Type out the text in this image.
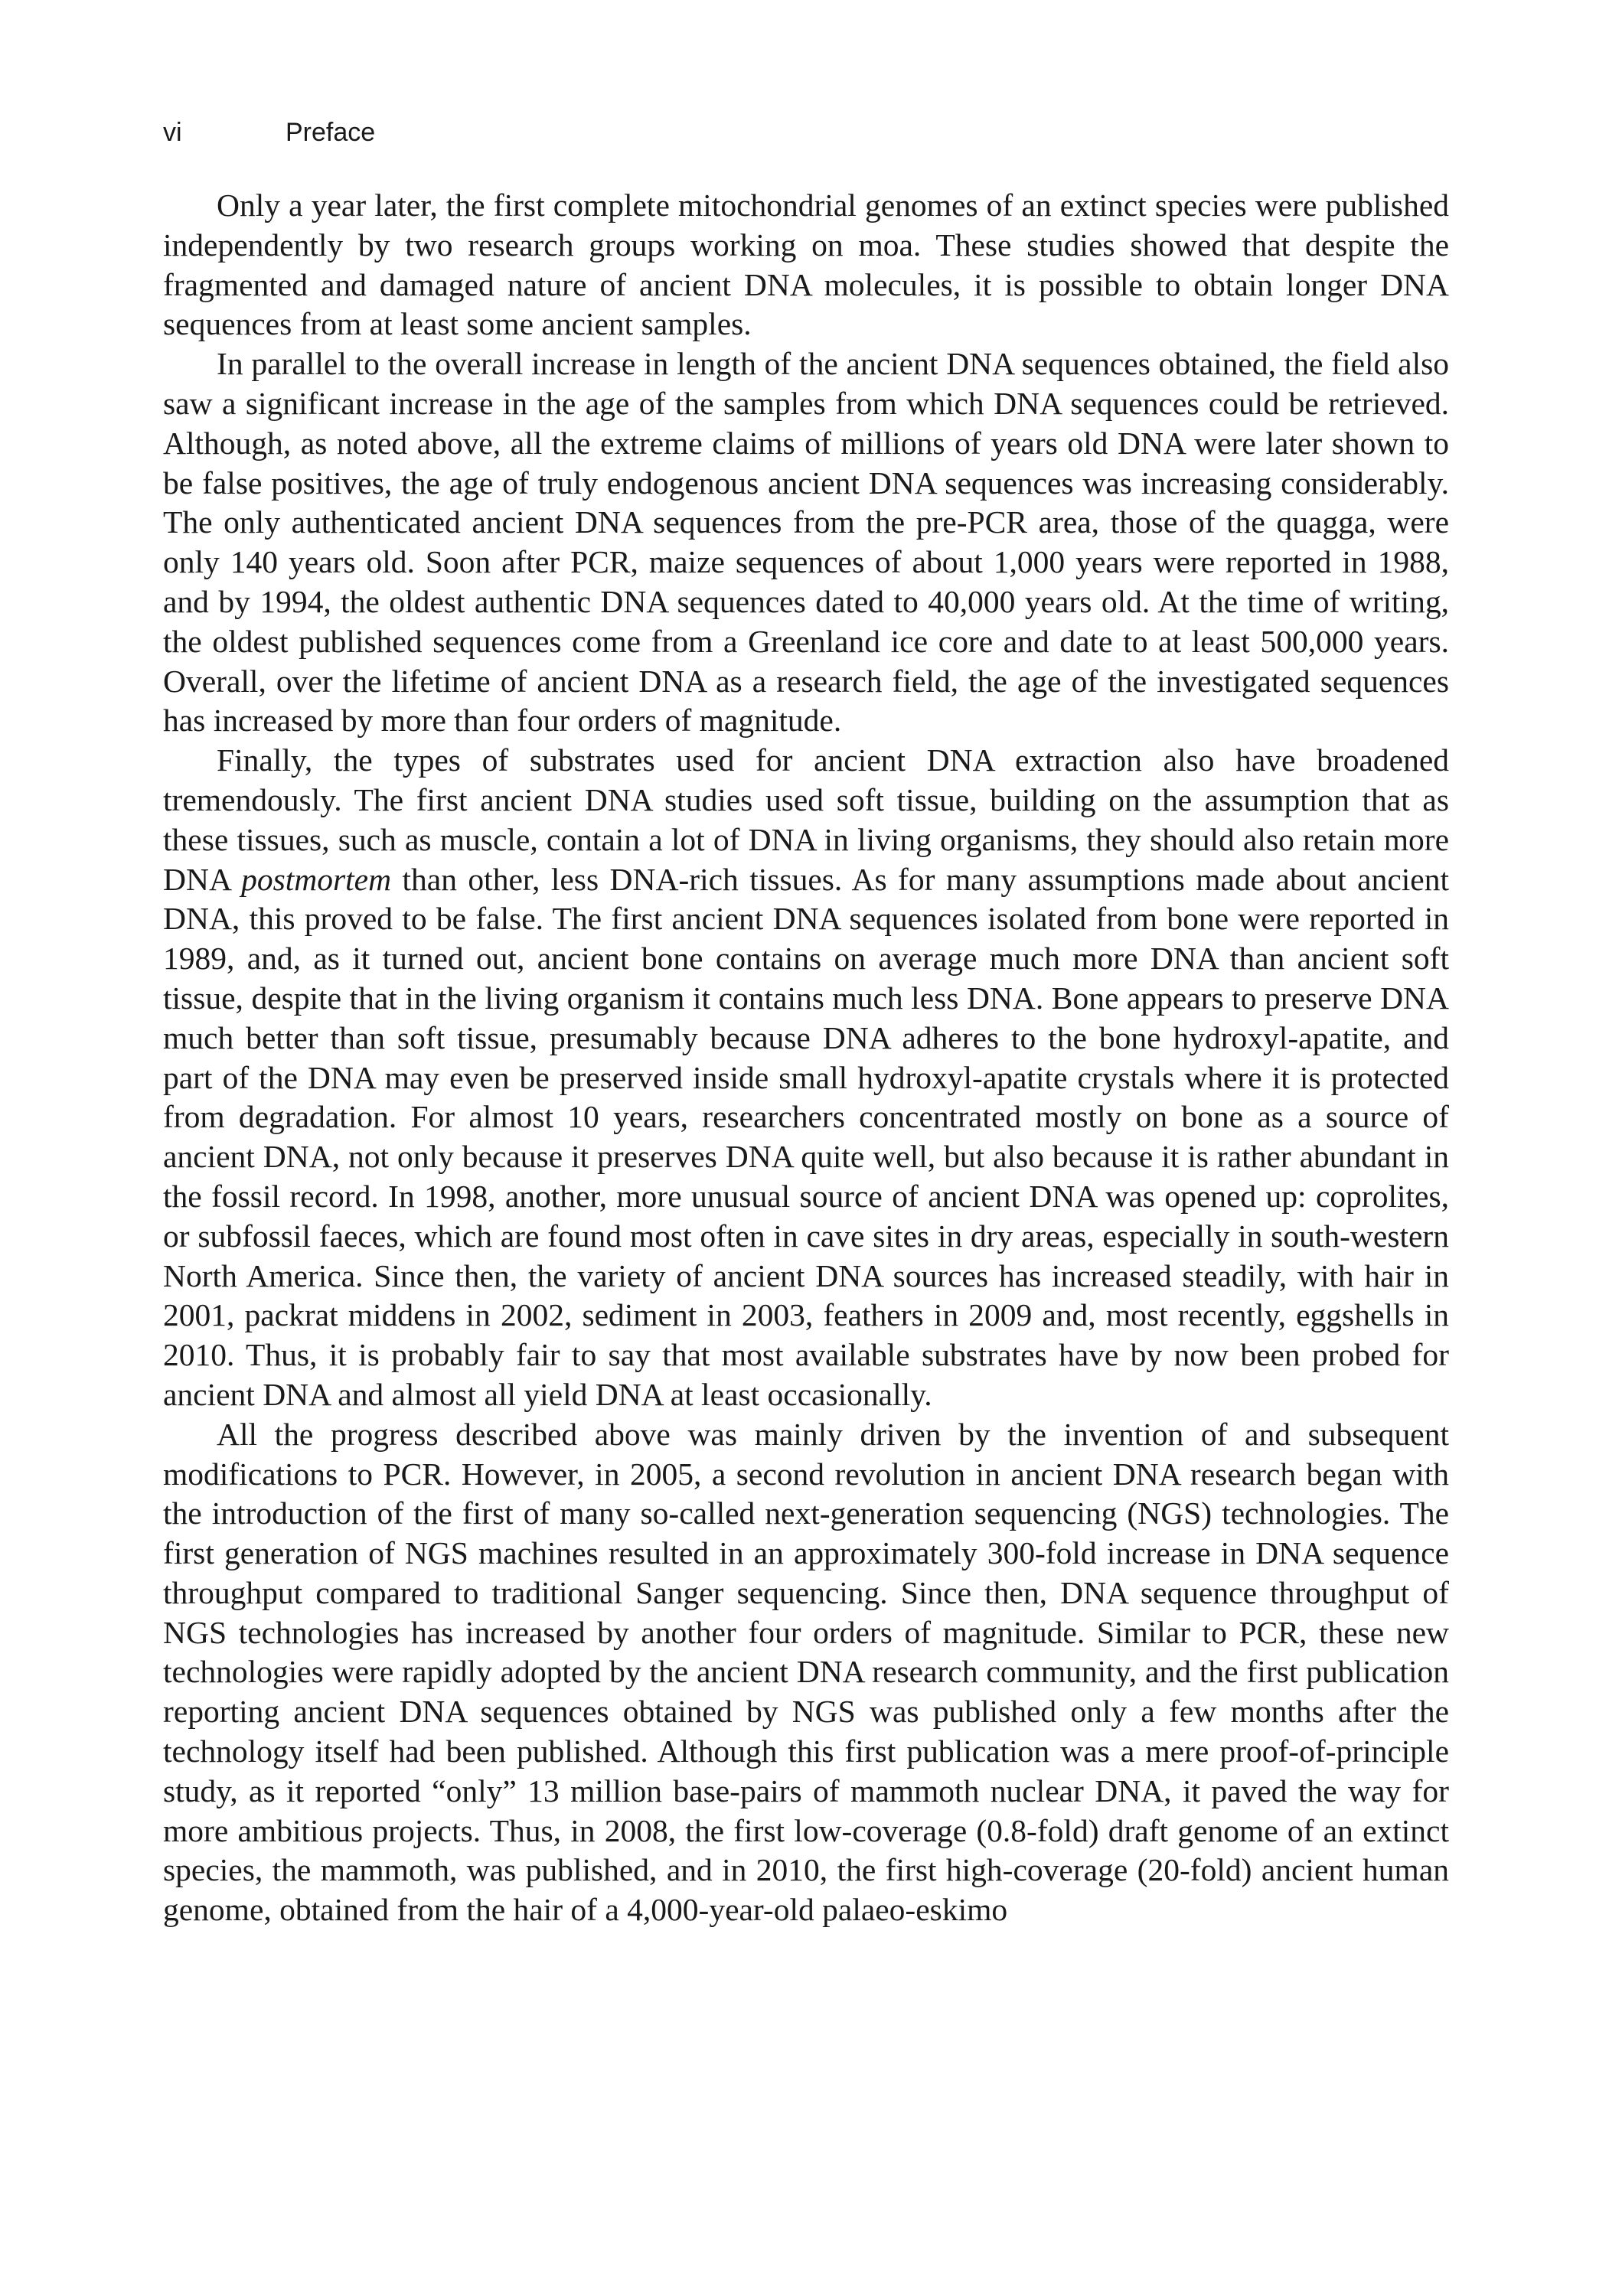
vi	Preface

Only a year later, the first complete mitochondrial genomes of an extinct species were published independently by two research groups working on moa. These studies showed that despite the fragmented and damaged nature of ancient DNA molecules, it is possible to obtain longer DNA sequences from at least some ancient samples.

In parallel to the overall increase in length of the ancient DNA sequences obtained, the field also saw a significant increase in the age of the samples from which DNA sequences could be retrieved. Although, as noted above, all the extreme claims of millions of years old DNA were later shown to be false positives, the age of truly endogenous ancient DNA sequences was increasing considerably. The only authenticated ancient DNA sequences from the pre-PCR area, those of the quagga, were only 140 years old. Soon after PCR, maize sequences of about 1,000 years were reported in 1988, and by 1994, the oldest authentic DNA sequences dated to 40,000 years old. At the time of writing, the oldest published sequences come from a Greenland ice core and date to at least 500,000 years. Overall, over the lifetime of ancient DNA as a research field, the age of the investigated sequences has increased by more than four orders of magnitude.

Finally, the types of substrates used for ancient DNA extraction also have broadened tremendously. The first ancient DNA studies used soft tissue, building on the assumption that as these tissues, such as muscle, contain a lot of DNA in living organisms, they should also retain more DNA postmortem than other, less DNA-rich tissues. As for many assumptions made about ancient DNA, this proved to be false. The first ancient DNA sequences isolated from bone were reported in 1989, and, as it turned out, ancient bone contains on average much more DNA than ancient soft tissue, despite that in the living organism it contains much less DNA. Bone appears to preserve DNA much better than soft tissue, presumably because DNA adheres to the bone hydroxyl-apatite, and part of the DNA may even be preserved inside small hydroxyl-apatite crystals where it is protected from degradation. For almost 10 years, researchers concentrated mostly on bone as a source of ancient DNA, not only because it preserves DNA quite well, but also because it is rather abundant in the fossil record. In 1998, another, more unusual source of ancient DNA was opened up: coprolites, or subfossil faeces, which are found most often in cave sites in dry areas, especially in south-western North America. Since then, the variety of ancient DNA sources has increased steadily, with hair in 2001, packrat middens in 2002, sediment in 2003, feathers in 2009 and, most recently, eggshells in 2010. Thus, it is probably fair to say that most available substrates have by now been probed for ancient DNA and almost all yield DNA at least occasionally.

All the progress described above was mainly driven by the invention of and subsequent modifications to PCR. However, in 2005, a second revolution in ancient DNA research began with the introduction of the first of many so-called next-generation sequencing (NGS) technologies. The first generation of NGS machines resulted in an approximately 300-fold increase in DNA sequence throughput compared to traditional Sanger sequencing. Since then, DNA sequence throughput of NGS technologies has increased by another four orders of magnitude. Similar to PCR, these new technologies were rapidly adopted by the ancient DNA research community, and the first publication reporting ancient DNA sequences obtained by NGS was published only a few months after the technology itself had been published. Although this first publication was a mere proof-of-principle study, as it reported “only” 13 million base-pairs of mammoth nuclear DNA, it paved the way for more ambitious projects. Thus, in 2008, the first low-coverage (0.8-fold) draft genome of an extinct species, the mammoth, was published, and in 2010, the first high-coverage (20-fold) ancient human genome, obtained from the hair of a 4,000-year-old palaeo-eskimo
